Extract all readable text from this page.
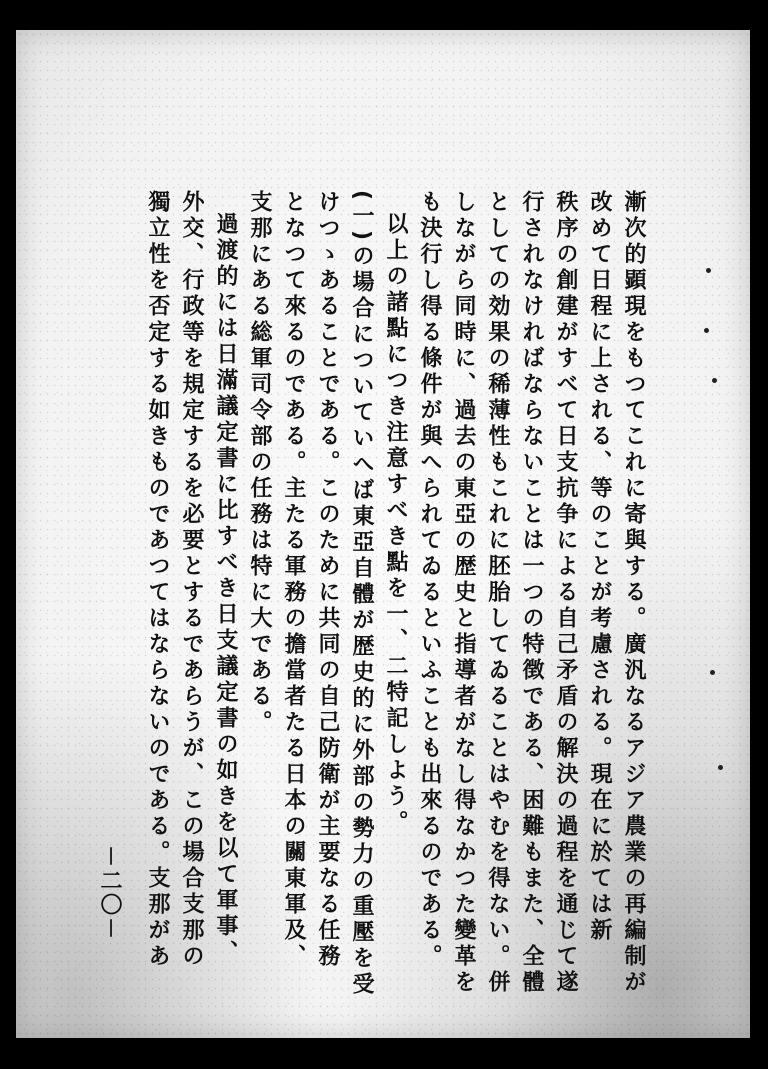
漸次的顕現をもつてこれに寄與する。廣汎なるアジア農業の再編制が
改めて日程に上される、等のことが考慮される。現在に於ては新
秩序の創建がすべて日支抗争による自己矛盾の解決の過程を通じて遂
行されなければならないことは一つの特徴である、困難もまた、全體
としての効果の稀薄性もこれに胚胎してゐることはやむを得ない。併
しながら同時に、過去の東亞の歴史と指導者がなし得なかつた變革を
も決行し得る條件が與へられてゐるといふことも出來るのである。
以上の諸點につき注意すべき點を一、二特記しよう。
(一)の場合についていへば東亞自體が歴史的に外部の勢力の重壓を受
けつゝあることである。このために共同の自己防衛が主要なる任務
となつて來るのである。主たる軍務の擔當者たる日本の關東軍及、
支那にある総軍司令部の任務は特に大である。
過渡的には日滿議定書に比すべき日支議定書の如きを以て軍事、
外交、行政等を規定するを必要とするであらうが、この場合支那の
獨立性を否定する如きものであつてはならないのである。支那があ
－二〇－
